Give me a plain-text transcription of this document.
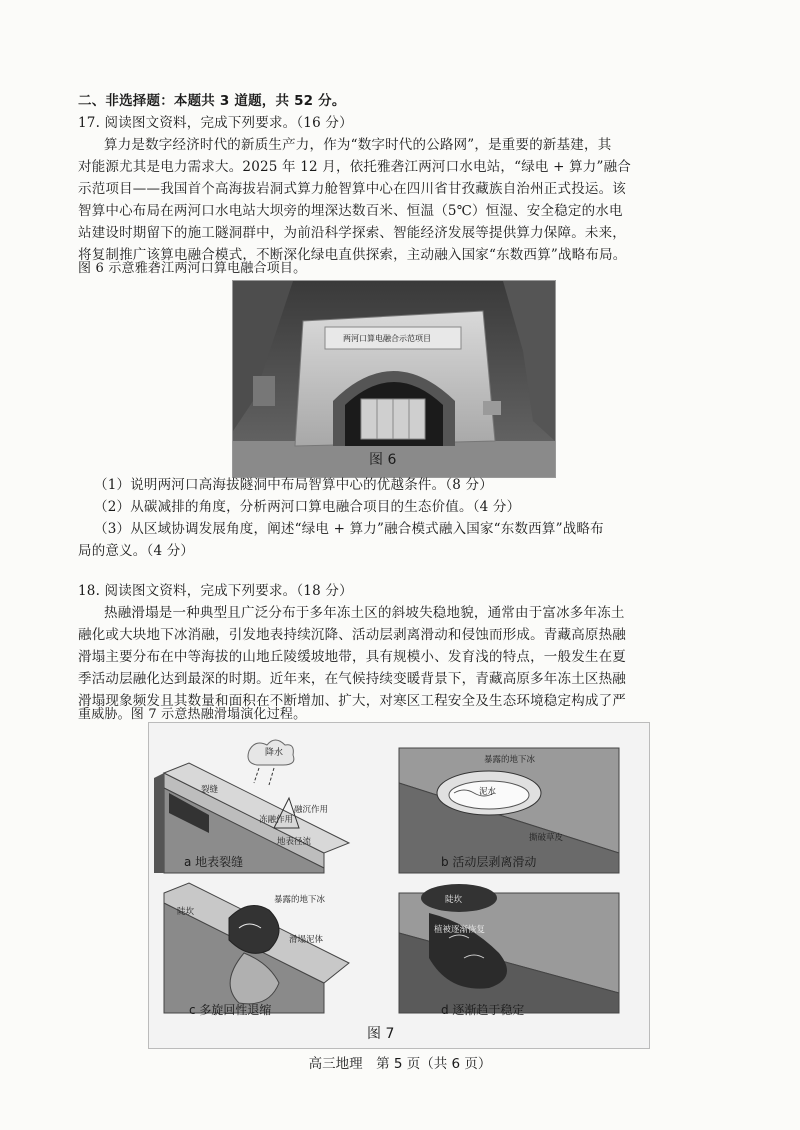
二、非选择题：本题共 3 道题，共 52 分。
17. 阅读图文资料，完成下列要求。（16 分）
算力是数字经济时代的新质生产力，作为“数字时代的公路网”，是重要的新基建，其
对能源尤其是电力需求大。2025 年 12 月，依托雅砻江两河口水电站，“绿电 + 算力”融合
示范项目——我国首个高海拔岩洞式算力舱智算中心在四川省甘孜藏族自治州正式投运。该
智算中心布局在两河口水电站大坝旁的埋深达数百米、恒温（5℃）恒湿、安全稳定的水电
站建设时期留下的施工隧洞群中，为前沿科学探索、智能经济发展等提供算力保障。未来，
将复制推广该算电融合模式，不断深化绿电直供探索，主动融入国家“东数西算”战略布局。
图 6 示意雅砻江两河口算电融合项目。
两河口算电融合示范项目
图 6
（1）说明两河口高海拔隧洞中布局智算中心的优越条件。（8 分）
（2）从碳减排的角度，分析两河口算电融合项目的生态价值。（4 分）
（3）从区域协调发展角度，阐述“绿电 + 算力”融合模式融入国家“东数西算”战略布
局的意义。（4 分）
18. 阅读图文资料，完成下列要求。（18 分）
热融滑塌是一种典型且广泛分布于多年冻土区的斜坡失稳地貌，通常由于富冰多年冻土
融化或大块地下冰消融，引发地表持续沉降、活动层剥离滑动和侵蚀而形成。青藏高原热融
滑塌主要分布在中等海拔的山地丘陵缓坡地带，具有规模小、发育浅的特点，一般发生在夏
季活动层融化达到最深的时期。近年来，在气候持续变暖背景下，青藏高原多年冻土区热融
滑塌现象频发且其数量和面积在不断增加、扩大，对寒区工程安全及生态环境稳定构成了严
重威胁。图 7 示意热融滑塌演化过程。
降水
裂缝
冻融作用
融沉作用
地表径流
a 地表裂缝
暴露的地下冰
泥水
撕破草皮
b 活动层剥离滑动
陡坎
暴露的地下冰
滑塌泥体
c 多旋回性退缩
陡坎
植被逐渐恢复
d 逐渐趋于稳定
图 7
高三地理　第 5 页（共 6 页）
